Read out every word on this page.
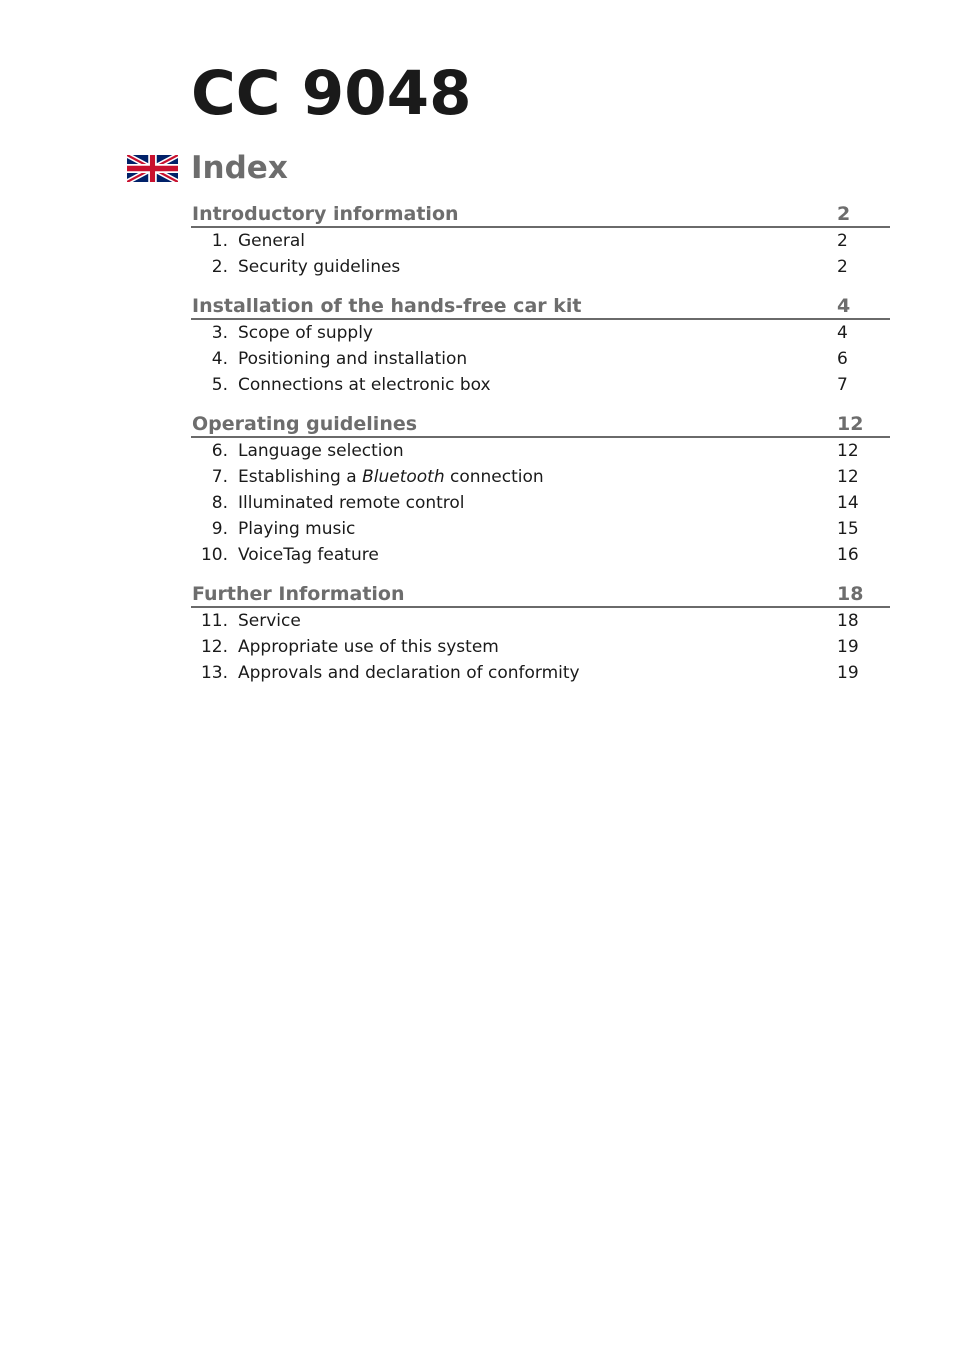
CC 9048
Index
Introductory information	2
1. General	2
2. Security guidelines	2
Installation of the hands-free car kit	4
3. Scope of supply	4
4. Positioning and installation	6
5. Connections at electronic box	7
Operating guidelines	12
6. Language selection	12
7. Establishing a Bluetooth connection	12
8. Illuminated remote control	14
9. Playing music	15
10. VoiceTag feature	16
Further Information	18
11. Service	18
12. Appropriate use of this system	19
13. Approvals and declaration of conformity	19
